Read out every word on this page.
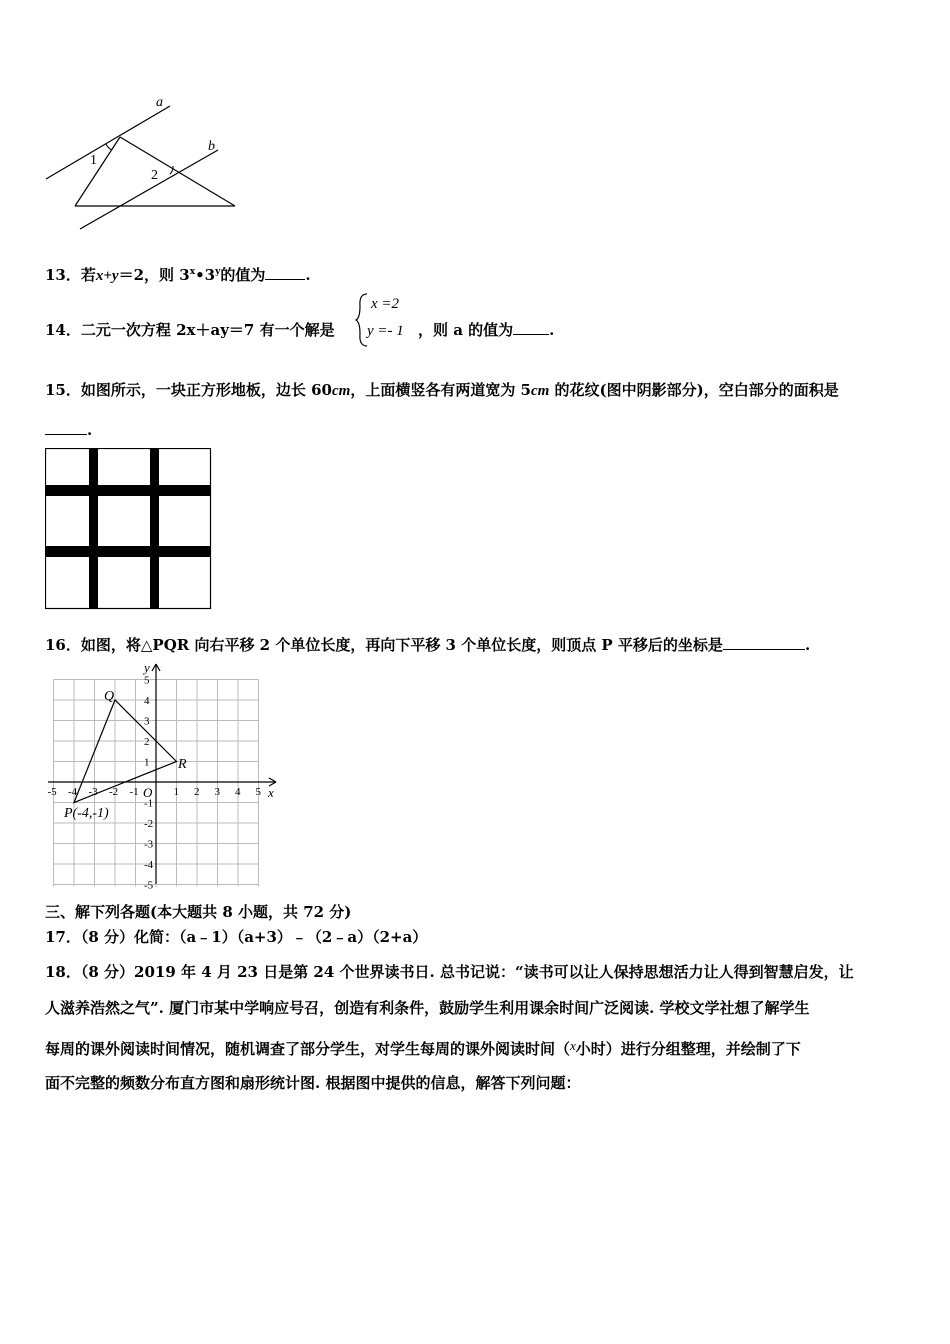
a
b
1
2
13．若x+y＝2，则 3$^x$•3$^y$的值为	.
14．二元一次方程 2x＋ay＝7 有一个解是
x =2
y =- 1 ，则 a 的值为 .
15．如图所示，一块正方形地板，边长 60cm，上面横竖各有两道宽为 5cm 的花纹(图中阴影部分)，空白部分的面积是
.
16．如图，将△PQR 向右平移 2 个单位长度，再向下平移 3 个单位长度，则顶点 P 平移后的坐标是	.
5
4
3
2
1
-1
-2
-3
-4
-5
-5 -4 -3 -2 -1	1 2 3 4 5
y
x
O
Q
R
P(-4,-1)
三、解下列各题(本大题共 8 小题，共 72 分)
17．（8 分）化简：（a﹣1）（a+3）﹣（2﹣a）（2+a）
18．（8 分）2019 年 4 月 23 日是第 24 个世界读书日. 总书记说：“读书可以让人保持思想活力让人得到智慧启发，让
人滋养浩然之气”. 厦门市某中学响应号召，创造有利条件，鼓励学生利用课余时间广泛阅读. 学校文学社想了解学生
每周的课外阅读时间情况，随机调查了部分学生，对学生每周的课外阅读时间（x小时）进行分组整理，并绘制了下
面不完整的频数分布直方图和扇形统计图. 根据图中提供的信息，解答下列问题：
